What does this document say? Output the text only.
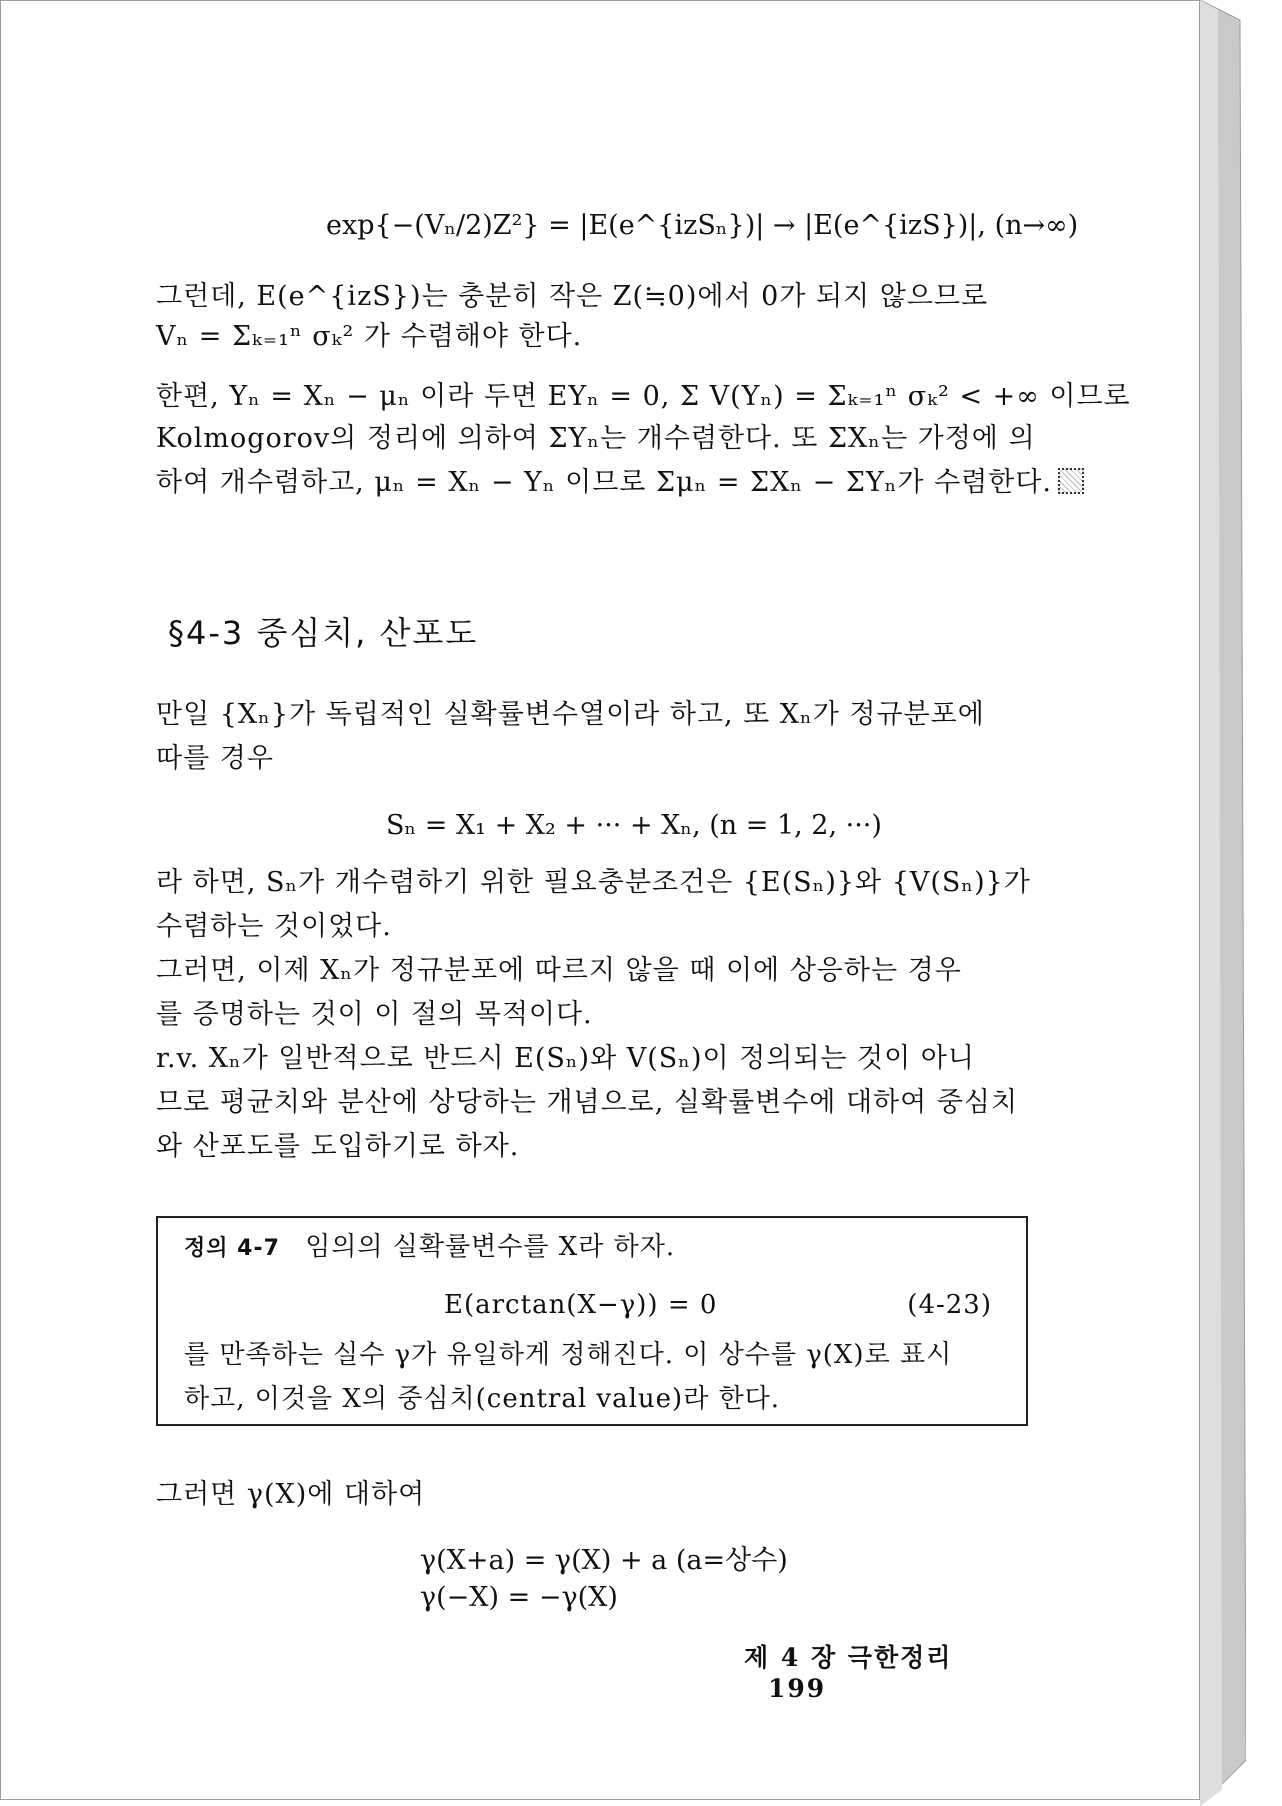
exp{−(Vₙ/2)Z²} = |E(e^{izSₙ})| → |E(e^{izS})|, (n→∞)

그런데, E(e^{izS})는 충분히 작은 Z(≒0)에서 0가 되지 않으므로

Vₙ = Σₖ₌₁ⁿ σₖ² 가 수렴해야 한다.

한편, Yₙ = Xₙ − μₙ 이라 두면 EYₙ = 0, Σ V(Yₙ) = Σₖ₌₁ⁿ σₖ² < +∞ 이므로

Kolmogorov의 정리에 의하여 ΣYₙ는 개수렴한다. 또 ΣXₙ는 가정에 의

하여 개수렴하고, μₙ = Xₙ − Yₙ 이므로 Σμₙ = ΣXₙ − ΣYₙ가 수렴한다.

§4-3 중심치, 산포도

만일 {Xₙ}가 독립적인 실확률변수열이라 하고, 또 Xₙ가 정규분포에

따를 경우

Sₙ = X₁ + X₂ + ··· + Xₙ, (n = 1, 2, ···)

라 하면, Sₙ가 개수렴하기 위한 필요충분조건은 {E(Sₙ)}와 {V(Sₙ)}가

수렴하는 것이었다.

그러면, 이제 Xₙ가 정규분포에 따르지 않을 때 이에 상응하는 경우

를 증명하는 것이 이 절의 목적이다.

r.v. Xₙ가 일반적으로 반드시 E(Sₙ)와 V(Sₙ)이 정의되는 것이 아니

므로 평균치와 분산에 상당하는 개념으로, 실확률변수에 대하여 중심치

와 산포도를 도입하기로 하자.

정의 4-7 임의의 실확률변수를 X라 하자.

E(arctan(X−γ)) = 0	(4-23)

를 만족하는 실수 γ가 유일하게 정해진다. 이 상수를 γ(X)로 표시

하고, 이것을 X의 중심치(central value)라 한다.

그러면 γ(X)에 대하여

γ(X+a) = γ(X) + a (a=상수)
γ(−X) = −γ(X)
제 4 장 극한정리 199
